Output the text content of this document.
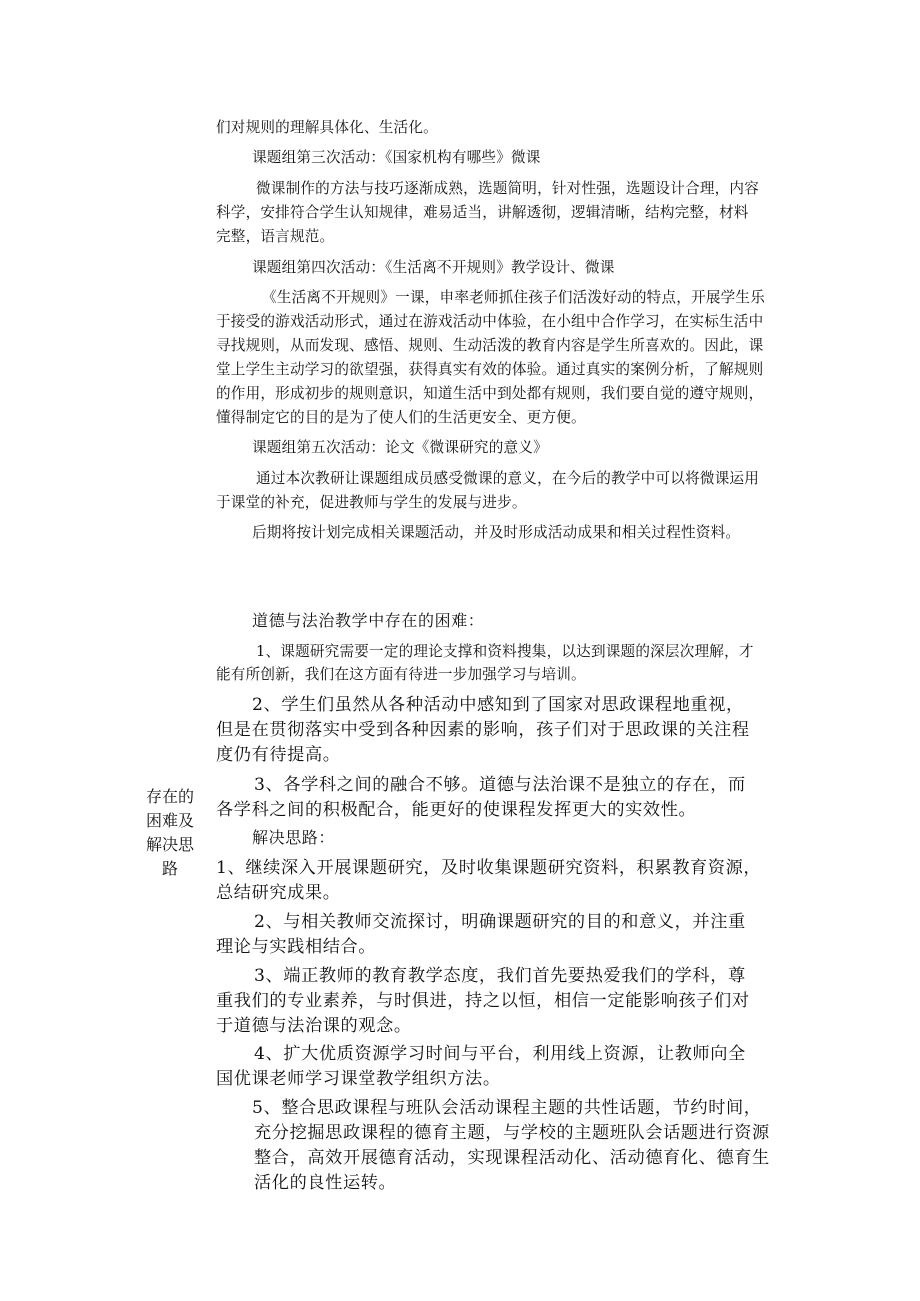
们对规则的理解具体化、生活化。

课题组第三次活动：《国家机构有哪些》微课

微课制作的方法与技巧逐渐成熟，选题简明，针对性强，选题设计合理，内容

科学，安排符合学生认知规律，难易适当，讲解透彻，逻辑清晰，结构完整，材料

完整，语言规范。

课题组第四次活动：《生活离不开规则》教学设计、微课

《生活离不开规则》一课，申率老师抓住孩子们活泼好动的特点，开展学生乐

于接受的游戏活动形式，通过在游戏活动中体验，在小组中合作学习，在实标生活中

寻找规则，从而发现、感悟、规则、生动活泼的教育内容是学生所喜欢的。因此，课

堂上学生主动学习的欲望强，获得真实有效的体验。通过真实的案例分析，了解规则

的作用，形成初步的规则意识，知道生活中到处都有规则，我们要自觉的遵守规则，

懂得制定它的目的是为了使人们的生活更安全、更方便。

课题组第五次活动：论文《微课研究的意义》

通过本次教研让课题组成员感受微课的意义，在今后的教学中可以将微课运用

于课堂的补充，促进教师与学生的发展与进步。

后期将按计划完成相关课题活动，并及时形成活动成果和相关过程性资料。

存在的困难及解决思路

道德与法治教学中存在的困难：

1、课题研究需要一定的理论支撑和资料搜集，以达到课题的深层次理解，才

能有所创新，我们在这方面有待进一步加强学习与培训。

2、学生们虽然从各种活动中感知到了国家对思政课程地重视，

但是在贯彻落实中受到各种因素的影响，孩子们对于思政课的关注程

度仍有待提高。

3、各学科之间的融合不够。道德与法治课不是独立的存在，而

各学科之间的积极配合，能更好的使课程发挥更大的实效性。

解决思路：

1、继续深入开展课题研究，及时收集课题研究资料，积累教育资源，

总结研究成果。

2、与相关教师交流探讨，明确课题研究的目的和意义，并注重

理论与实践相结合。

3、端正教师的教育教学态度，我们首先要热爱我们的学科，尊

重我们的专业素养，与时俱进，持之以恒，相信一定能影响孩子们对

于道德与法治课的观念。

4、扩大优质资源学习时间与平台，利用线上资源，让教师向全

国优课老师学习课堂教学组织方法。

5、整合思政课程与班队会活动课程主题的共性话题，节约时间，

充分挖掘思政课程的德育主题，与学校的主题班队会话题进行资源

整合，高效开展德育活动，实现课程活动化、活动德育化、德育生

活化的良性运转。
